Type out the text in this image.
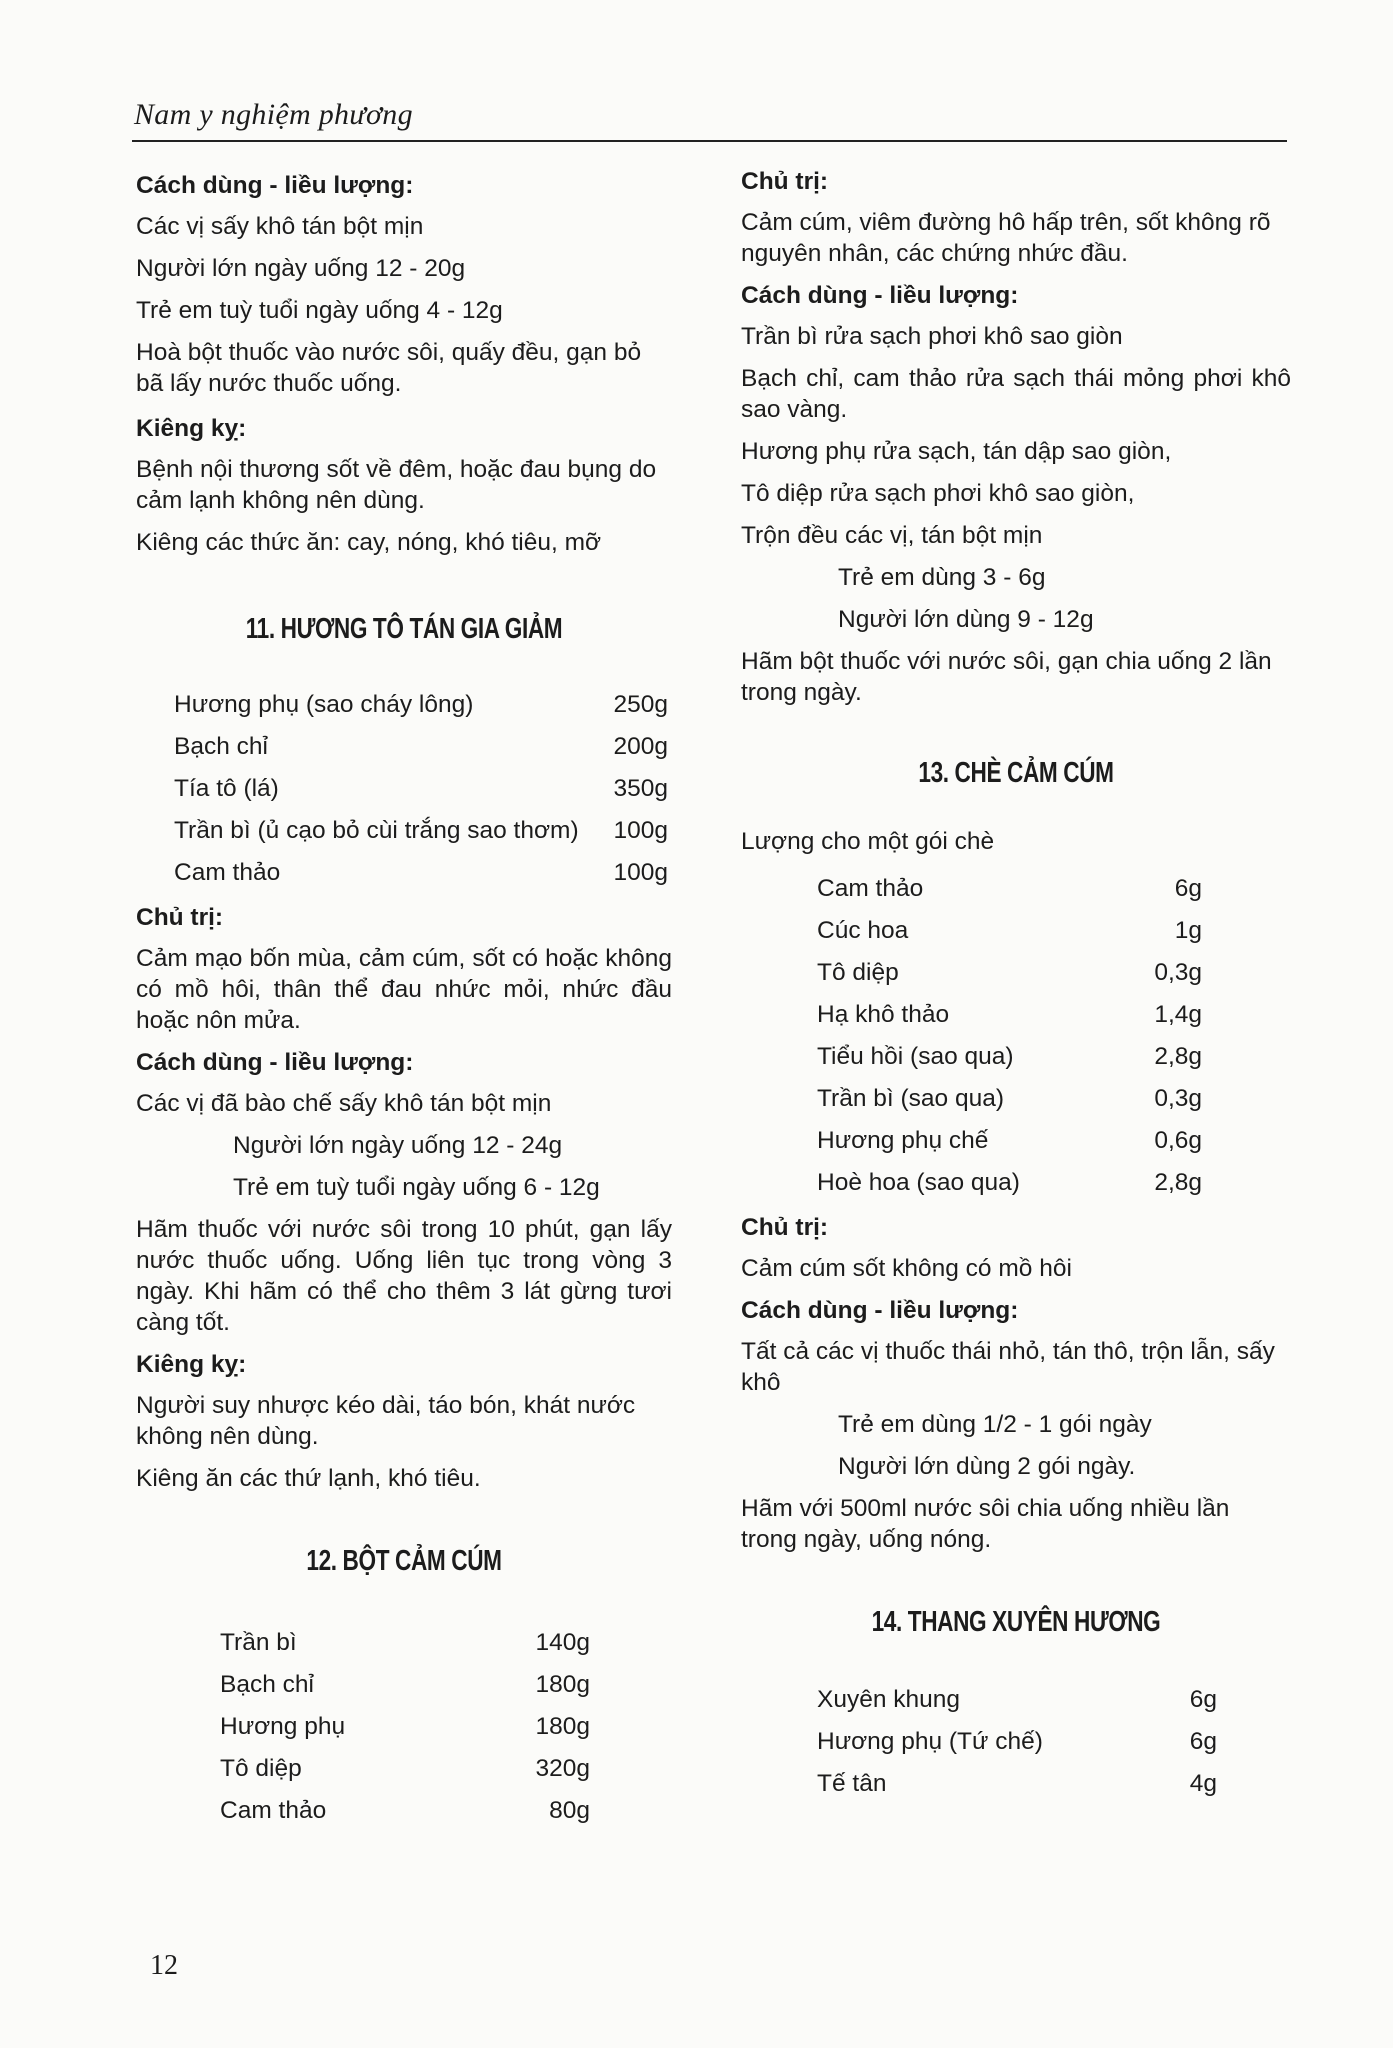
Nam y nghiệm phương
Cách dùng - liều lượng:
Các vị sấy khô tán bột mịn
Người lớn ngày uống 12 - 20g
Trẻ em tuỳ tuổi ngày uống 4 - 12g
Hoà bột thuốc vào nước sôi, quấy đều, gạn bỏ bã lấy nước thuốc uống.
Kiêng kỵ:
Bệnh nội thương sốt về đêm, hoặc đau bụng do cảm lạnh không nên dùng.
Kiêng các thức ăn: cay, nóng, khó tiêu, mỡ
11. HƯƠNG TÔ TÁN GIA GIẢM
Hương phụ (sao cháy lông)	250g
Bạch chỉ	200g
Tía tô (lá)	350g
Trần bì (ủ cạo bỏ cùi trắng sao thơm)	100g
Cam thảo	100g
Chủ trị:
Cảm mạo bốn mùa, cảm cúm, sốt có hoặc không có mồ hôi, thân thể đau nhức mỏi, nhức đầu hoặc nôn mửa.
Cách dùng - liều lượng:
Các vị đã bào chế sấy khô tán bột mịn
Người lớn ngày uống 12 - 24g
Trẻ em tuỳ tuổi ngày uống 6 - 12g
Hãm thuốc với nước sôi trong 10 phút, gạn lấy nước thuốc uống. Uống liên tục trong vòng 3 ngày. Khi hãm có thể cho thêm 3 lát gừng tươi càng tốt.
Kiêng kỵ:
Người suy nhược kéo dài, táo bón, khát nước không nên dùng.
Kiêng ăn các thứ lạnh, khó tiêu.
12. BỘT CẢM CÚM
Trần bì	140g
Bạch chỉ	180g
Hương phụ	180g
Tô diệp	320g
Cam thảo	80g
Chủ trị:
Cảm cúm, viêm đường hô hấp trên, sốt không rõ nguyên nhân, các chứng nhức đầu.
Cách dùng - liều lượng:
Trần bì rửa sạch phơi khô sao giòn
Bạch chỉ, cam thảo rửa sạch thái mỏng phơi khô sao vàng.
Hương phụ rửa sạch, tán dập sao giòn,
Tô diệp rửa sạch phơi khô sao giòn,
Trộn đều các vị, tán bột mịn
Trẻ em dùng 3 - 6g
Người lớn dùng 9 - 12g
Hãm bột thuốc với nước sôi, gạn chia uống 2 lần trong ngày.
13. CHÈ CẢM CÚM
Lượng cho một gói chè
Cam thảo	6g
Cúc hoa	1g
Tô diệp	0,3g
Hạ khô thảo	1,4g
Tiểu hồi (sao qua)	2,8g
Trần bì (sao qua)	0,3g
Hương phụ chế	0,6g
Hoè hoa (sao qua)	2,8g
Chủ trị:
Cảm cúm sốt không có mồ hôi
Cách dùng - liều lượng:
Tất cả các vị thuốc thái nhỏ, tán thô, trộn lẫn, sấy khô
Trẻ em dùng 1/2 - 1 gói ngày
Người lớn dùng 2 gói ngày.
Hãm với 500ml nước sôi chia uống nhiều lần trong ngày, uống nóng.
14. THANG XUYÊN HƯƠNG
Xuyên khung	6g
Hương phụ (Tứ chế)	6g
Tế tân	4g
12
